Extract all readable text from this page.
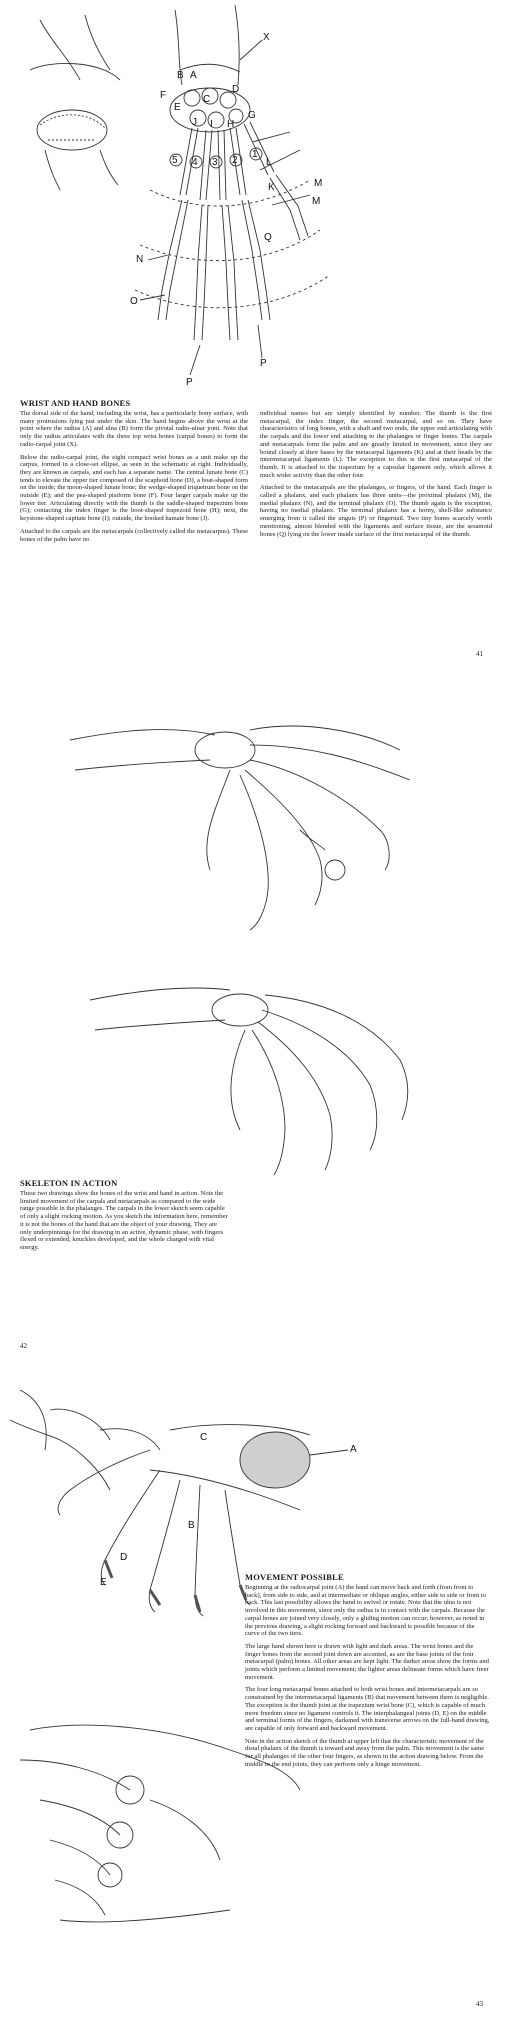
X
B A
C
F
E
D
J I H
G
5 4 3 2
1
K
L
M
M
N
O
Q
P
P
WRIST AND HAND BONES

The dorsal side of the hand, including the wrist, has a particularly bony surface, with many protrusions lying just under the skin. The hand begins above the wrist at the point where the radius (A) and ulna (B) form the pivotal radio-ulnar joint. Note that only the radius articulates with the three top wrist bones (carpal bones) to form the radio-carpal joint (X).

Below the radio-carpal joint, the eight compact wrist bones as a unit make up the carpus, formed in a close-set ellipse, as seen in the schematic at right. Individually, they are known as carpals, and each has a separate name. The central lunate bone (C) tends to elevate the upper tier composed of the scaphoid bone (D), a boat-shaped form on the inside; the moon-shaped lunate bone; the wedge-shaped triquetrum bone on the outside (E); and the pea-shaped pisiform bone (F). Four larger carpals make up the lower tier. Articulating directly with the thumb is the saddle-shaped trapezium bone (G); contacting the index finger is the boot-shaped trapezoid bone (H); next, the keystone-shaped capitate bone (I); outside, the hooked hamate bone (J).

Attached to the carpals are the metacarpals (collectively called the metacarpus). These bones of the palm have no

individual names but are simply identified by number. The thumb is the first metacarpal, the index finger, the second metacarpal, and so on. They have characteristics of long bones, with a shaft and two ends, the upper end articulating with the carpals and the lower end attaching to the phalanges or finger bones. The carpals and metacarpals form the palm and are greatly limited in movement, since they are bound closely at their bases by the metacarpal ligaments (K) and at their heads by the intermetacarpal ligaments (L). The exception to this is the first metacarpal of the thumb. It is attached to the trapezium by a capsular ligament only, which allows it much wider activity than the other four.

Attached to the metacarpals are the phalanges, or fingers, of the hand. Each finger is called a phalanx, and each phalanx has three units—the proximal phalanx (M), the medial phalanx (N), and the terminal phalanx (O). The thumb again is the exception, having no medial phalanx. The terminal phalanx has a horny, shell-like substance emerging from it called the unguis (P) or fingernail. Two tiny bones scarcely worth mentioning, almost blended with the ligaments and surface tissue, are the sesamoid bones (Q) lying on the lower inside surface of the first metacarpal of the thumb.

41
SKELETON IN ACTION
These two drawings show the bones of the wrist and hand in action. Note the limited movement of the carpals and metacarpals as compared to the wide range possible in the phalanges. The carpals in the lower sketch seem capable of only a slight rocking motion. As you sketch the information here, remember it is not the bones of the hand that are the object of your drawing. They are only underpinnings for the drawing in an active, dynamic phase, with fingers flexed or extended, knuckles developed, and the whole charged with vital energy.
42
A
B
C
D
E	MOVEMENT POSSIBLE

Beginning at the radiocarpal joint (A) the hand can move back and forth (from front to back), from side to side, and at intermediate or oblique angles, either side to side or front to back. This last possibility allows the hand to swivel or rotate. Note that the ulna is not involved in this movement, since only the radius is in contact with the carpals. Because the carpal bones are joined very closely, only a gliding motion can occur; however, as noted in the previous drawing, a slight rocking forward and backward is possible because of the curve of the two tiers.

The large hand shown here is drawn with light and dark areas. The wrist bones and the finger bones from the second joint down are accented, as are the base joints of the four metacarpal (palm) bones. All other areas are kept light. The darker areas show the forms and joints which perform a limited movement; the lighter areas delineate forms which have freer movement.

The four long metacarpal bones attached to both wrist bones and intermetacarpals are so constrained by the intermetacarpal ligaments (B) that movement between them is negligible. The exception is the thumb joint at the trapezium wrist bone (C), which is capable of much more freedom since no ligament controls it. The interphalangeal joints (D, E) on the middle and terminal forms of the fingers, darkened with transverse arrows on the full-hand drawing, are capable of only forward and backward movement.

Note in the action sketch of the thumb at upper left that the characteristic movement of the distal phalanx of the thumb is toward and away from the palm. This movement is the same for all phalanges of the other four fingers, as shown in the action drawing below. From the middle to the end joints, they can perform only a hinge movement.

43
